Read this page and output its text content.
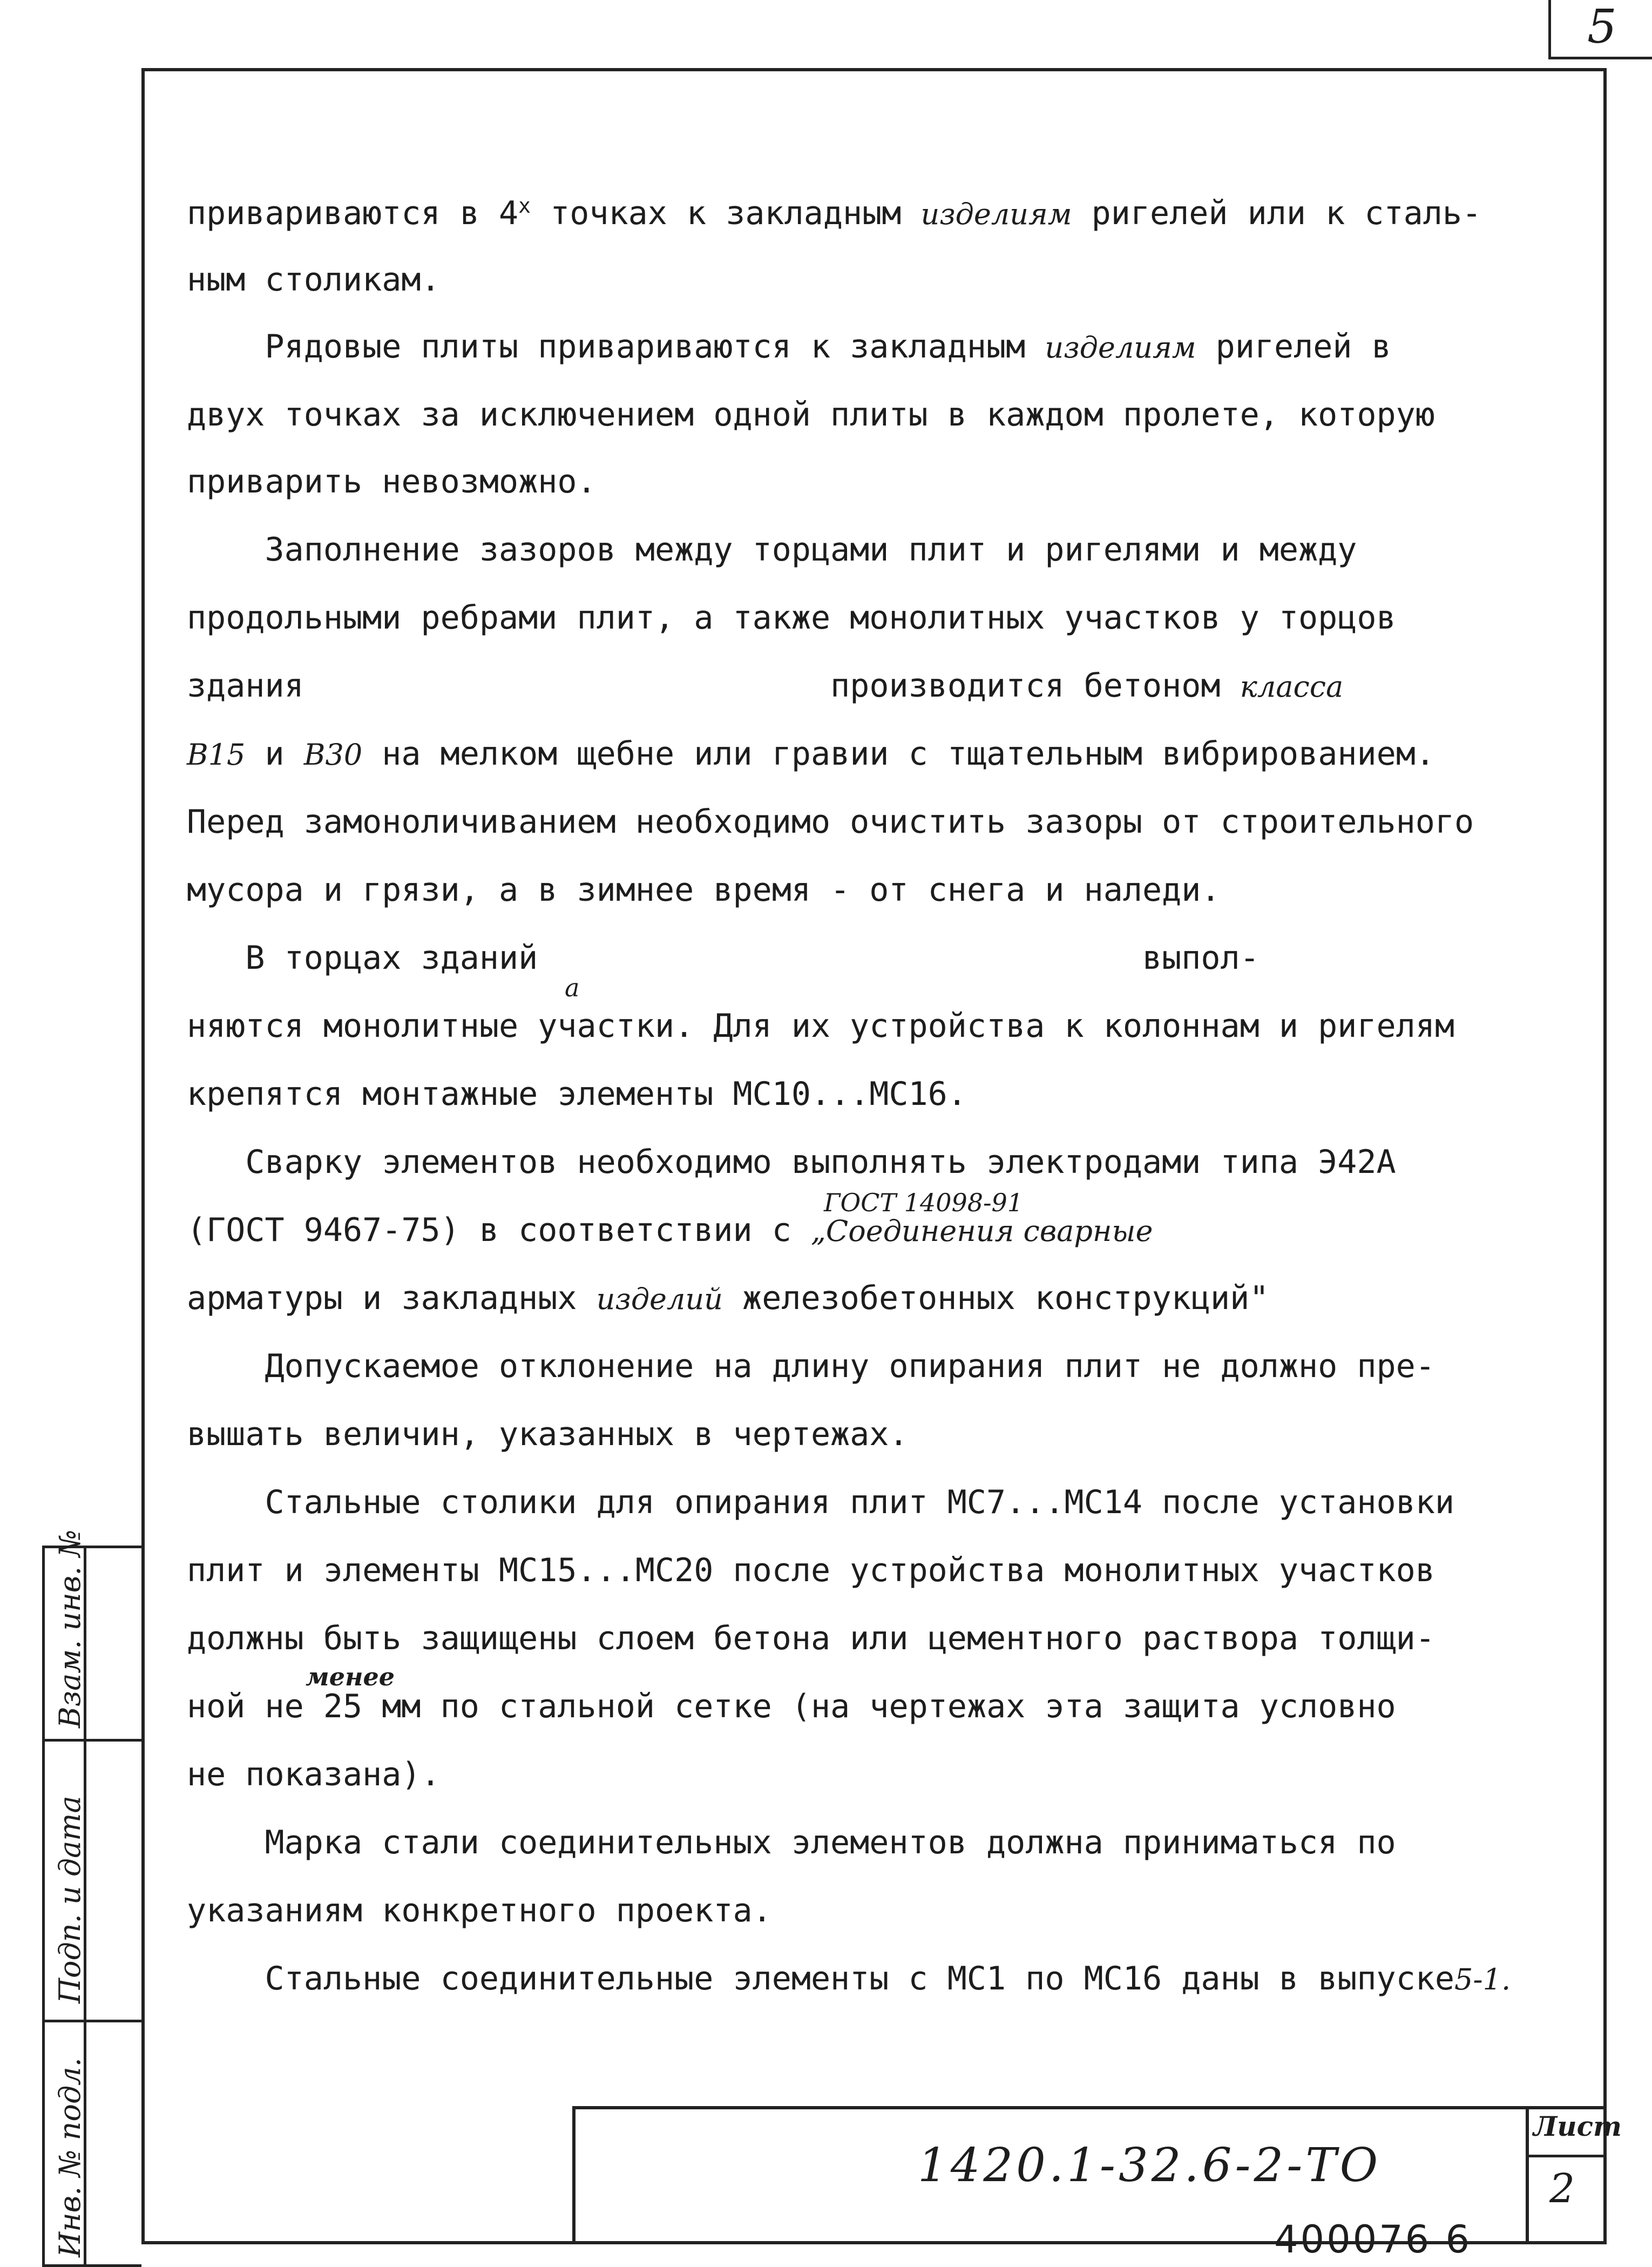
5
Взам. инв. №
Подп. и дата
Инв. № подл.
приваривaются в $4^х$ точках к закладным изделиям ригелей или к сталь-
ным столикам.
Рядовые плиты привариваются к закладным изделиям ригелей в
двух точках за исключением одной плиты в каждом пролете, которую
приварить невозможно.
Заполнение зазоров между торцами плит и ригелями и между
продольными ребрами плит, а также монолитных участков у торцов
здания                           производится бетоном класса
В15 и В30 на мелком щебне или гравии с тщательным вибрированием.
Перед замоноличиванием необходимо очистить зазоры от строительного
мусора и грязи, а в зимнее время - от снега и наледи.
В торцах зданий                               выпол-
а
няются монолитные участки. Для их устройства к колоннам и ригелям
крепятся монтажные элементы МС10...МС16.
Сварку элементов необходимо выполнять электродами типа Э42А
ГОСТ 14098-91
(ГОСТ 9467-75) в соответствии с „Соединения сварные
арматуры и закладных изделий железобетонных конструкций"
Допускаемое отклонение на длину опирания плит не должно пре-
вышать величин, указанных в чертежах.
Стальные столики для опирания плит МС7...МС14 после установки
плит и элементы МС15...МС20 после устройства монолитных участков
должны быть защищены слоем бетона или цементного раствора толщи-
менее
ной не 25 мм по стальной сетке (на чертежах эта защита условно
не показана).
Марка стали соединительных элементов должна приниматься по
указаниям конкретного проекта.
Стальные соединительные элементы с МС1 по МС16 даны в выпуске5-1.
1420.1-32.6-2-ТО
Лист
2
400076 6
